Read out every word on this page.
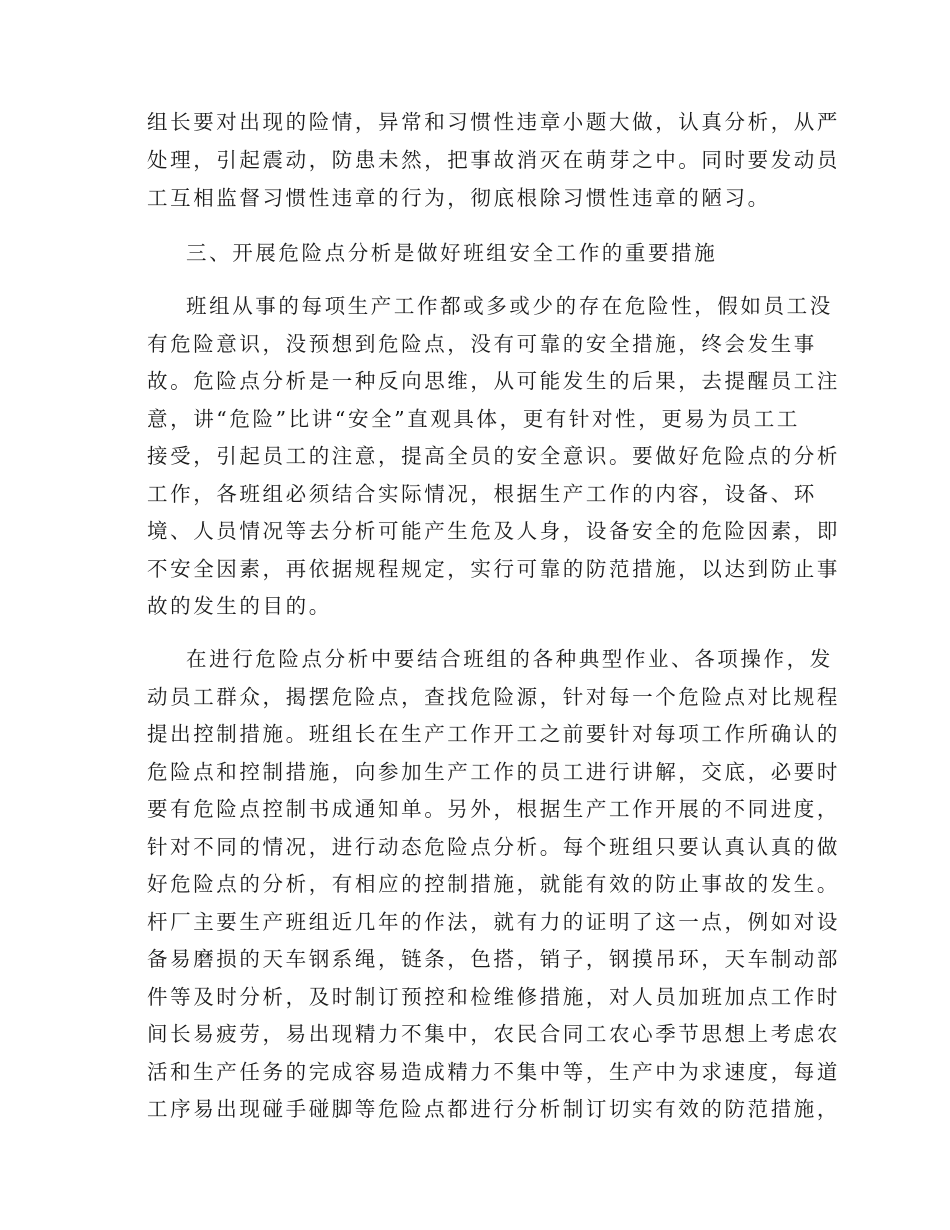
组长要对出现的险情，异常和习惯性违章小题大做，认真分析，从严
处理，引起震动，防患未然，把事故消灭在萌芽之中。同时要发动员
工互相监督习惯性违章的行为，彻底根除习惯性违章的陋习。
三、开展危险点分析是做好班组安全工作的重要措施
班组从事的每项生产工作都或多或少的存在危险性，假如员工没
有危险意识，没预想到危险点，没有可靠的安全措施，终会发生事
故。危险点分析是一种反向思维，从可能发生的后果，去提醒员工注
意，讲“危险”比讲“安全”直观具体，更有针对性，更易为员工工
接受，引起员工的注意，提高全员的安全意识。要做好危险点的分析
工作，各班组必须结合实际情况，根据生产工作的内容，设备、环
境、人员情况等去分析可能产生危及人身，设备安全的危险因素，即
不安全因素，再依据规程规定，实行可靠的防范措施，以达到防止事
故的发生的目的。
在进行危险点分析中要结合班组的各种典型作业、各项操作，发
动员工群众，揭摆危险点，查找危险源，针对每一个危险点对比规程
提出控制措施。班组长在生产工作开工之前要针对每项工作所确认的
危险点和控制措施，向参加生产工作的员工进行讲解，交底，必要时
要有危险点控制书成通知单。另外，根据生产工作开展的不同进度，
针对不同的情况，进行动态危险点分析。每个班组只要认真认真的做
好危险点的分析，有相应的控制措施，就能有效的防止事故的发生。
杆厂主要生产班组近几年的作法，就有力的证明了这一点，例如对设
备易磨损的天车钢系绳，链条，色搭，销子，钢摸吊环，天车制动部
件等及时分析，及时制订预控和检维修措施，对人员加班加点工作时
间长易疲劳，易出现精力不集中，农民合同工农心季节思想上考虑农
活和生产任务的完成容易造成精力不集中等，生产中为求速度，每道
工序易出现碰手碰脚等危险点都进行分析制订切实有效的防范措施，
